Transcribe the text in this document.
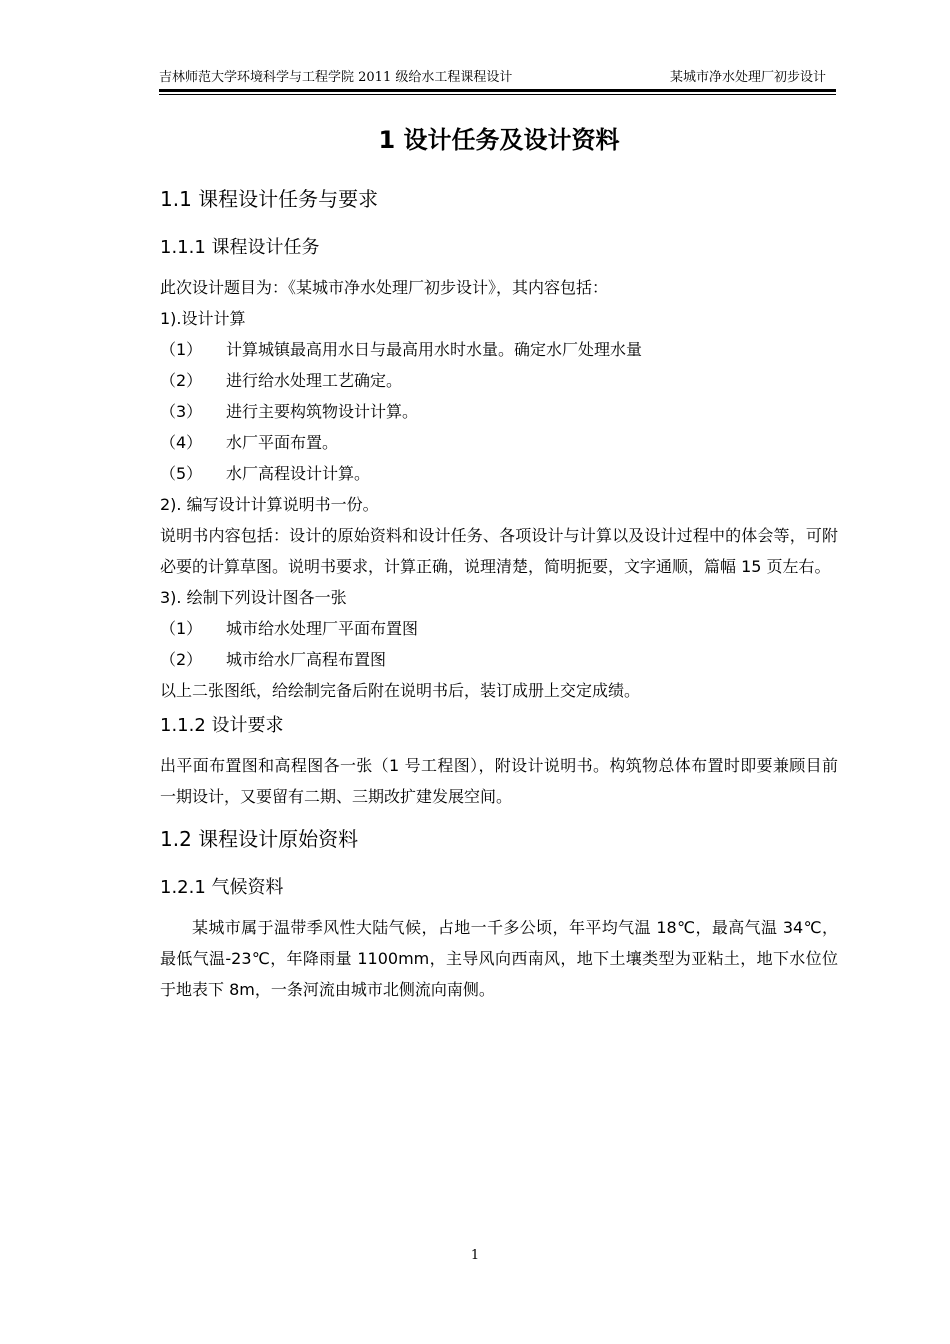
吉林师范大学环境科学与工程学院 2011 级给水工程课程设计	某城市净水处理厂初步设计
1 设计任务及设计资料
1.1 课程设计任务与要求
1.1.1 课程设计任务

此次设计题目为：《某城市净水处理厂初步设计》，其内容包括：

1).设计计算

（1） 计算城镇最高用水日与最高用水时水量。确定水厂处理水量
（2） 进行给水处理工艺确定。
（3） 进行主要构筑物设计计算。
（4） 水厂平面布置。
（5） 水厂高程设计计算。

2). 编写设计计算说明书一份。

说明书内容包括：设计的原始资料和设计任务、各项设计与计算以及设计过程中的体会等，可附必要的计算草图。说明书要求，计算正确，说理清楚，简明扼要，文字通顺，篇幅 15 页左右。

3). 绘制下列设计图各一张

（1） 城市给水处理厂平面布置图
（2） 城市给水厂高程布置图

以上二张图纸，给绘制完备后附在说明书后，装订成册上交定成绩。

1.1.2 设计要求

出平面布置图和高程图各一张（1 号工程图），附设计说明书。构筑物总体布置时即要兼顾目前一期设计，又要留有二期、三期改扩建发展空间。

1.2 课程设计原始资料
1.2.1 气候资料

某城市属于温带季风性大陆气候，占地一千多公顷，年平均气温 18℃，最高气温 34℃，最低气温-23℃，年降雨量 1100mm，主导风向西南风，地下土壤类型为亚粘土，地下水位位于地表下 8m，一条河流由城市北侧流向南侧。

1
